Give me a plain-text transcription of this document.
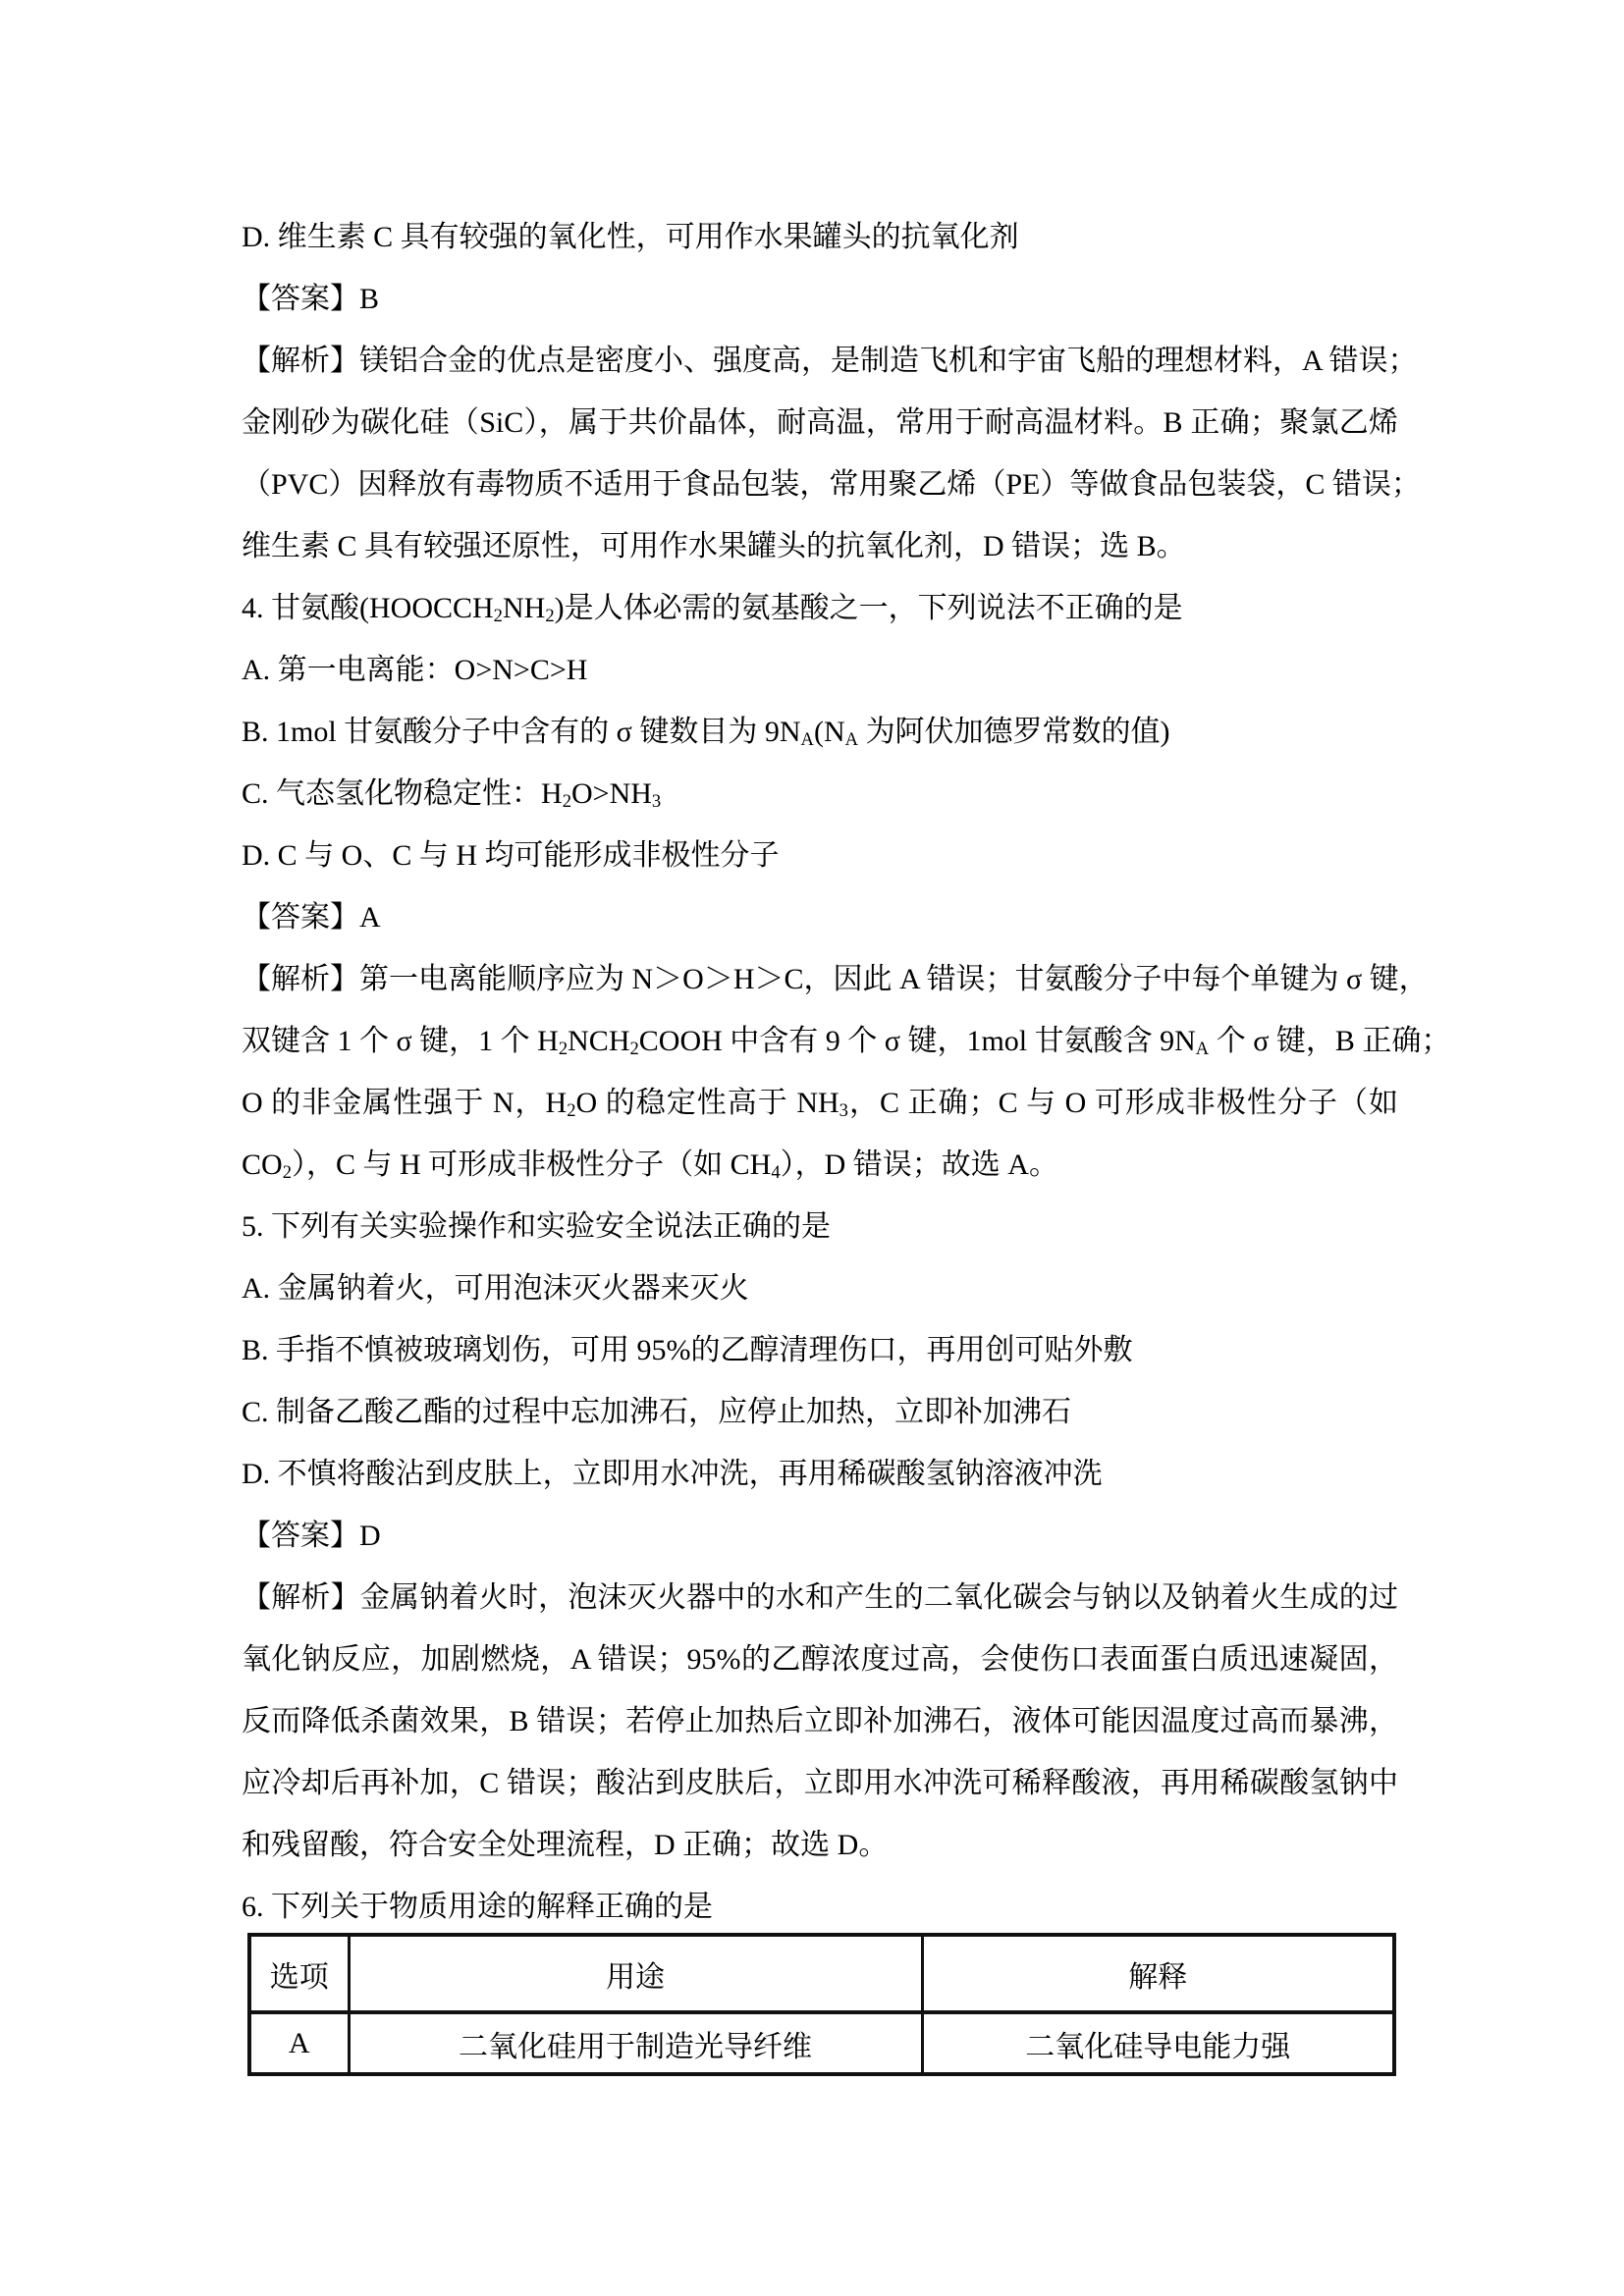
D. 维生素 C 具有较强的氧化性，可用作水果罐头的抗氧化剂
【答案】B
【解析】镁铝合金的优点是密度小、强度高，是制造飞机和宇宙飞船的理想材料，A 错误；
金刚砂为碳化硅（SiC），属于共价晶体，耐高温，常用于耐高温材料。B 正确；聚氯乙烯
（PVC）因释放有毒物质不适用于食品包装，常用聚乙烯（PE）等做食品包装袋，C 错误；
维生素 C 具有较强还原性，可用作水果罐头的抗氧化剂，D 错误；选 B。
4. 甘氨酸$(HOOCCH_2NH_2)$是人体必需的氨基酸之一，下列说法不正确的是
A. 第一电离能：O>N>C>H
B. 1mol 甘氨酸分子中含有的 σ 键数目为 $9N_A(N_A$ 为阿伏加德罗常数的值)
C. 气态氢化物稳定性：$H_2O>NH_3$
D. C 与 O、C 与 H 均可能形成非极性分子
【答案】A
【解析】第一电离能顺序应为 N＞O＞H＞C，因此 A 错误；甘氨酸分子中每个单键为 σ 键，
双键含 1 个 σ 键，1 个 $H_2NCH_2COOH$ 中含有 9 个 σ 键，1mol 甘氨酸含 $9N_A$ 个 σ 键，B 正确；
O 的非金属性强于 N，$H_2O$ 的稳定性高于 $NH_3$，C 正确；C 与 O 可形成非极性分子（如
$CO_2$），C 与 H 可形成非极性分子（如 $CH_4$），D 错误；故选 A。
5. 下列有关实验操作和实验安全说法正确的是
A. 金属钠着火，可用泡沫灭火器来灭火
B. 手指不慎被玻璃划伤，可用 95%的乙醇清理伤口，再用创可贴外敷
C. 制备乙酸乙酯的过程中忘加沸石，应停止加热，立即补加沸石
D. 不慎将酸沾到皮肤上，立即用水冲洗，再用稀碳酸氢钠溶液冲洗
【答案】D
【解析】金属钠着火时，泡沫灭火器中的水和产生的二氧化碳会与钠以及钠着火生成的过
氧化钠反应，加剧燃烧，A 错误；95%的乙醇浓度过高，会使伤口表面蛋白质迅速凝固，
反而降低杀菌效果，B 错误；若停止加热后立即补加沸石，液体可能因温度过高而暴沸，
应冷却后再补加，C 错误；酸沾到皮肤后，立即用水冲洗可稀释酸液，再用稀碳酸氢钠中
和残留酸，符合安全处理流程，D 正确；故选 D。
6. 下列关于物质用途的解释正确的是
选项	用途	解释
A	二氧化硅用于制造光导纤维	二氧化硅导电能力强
